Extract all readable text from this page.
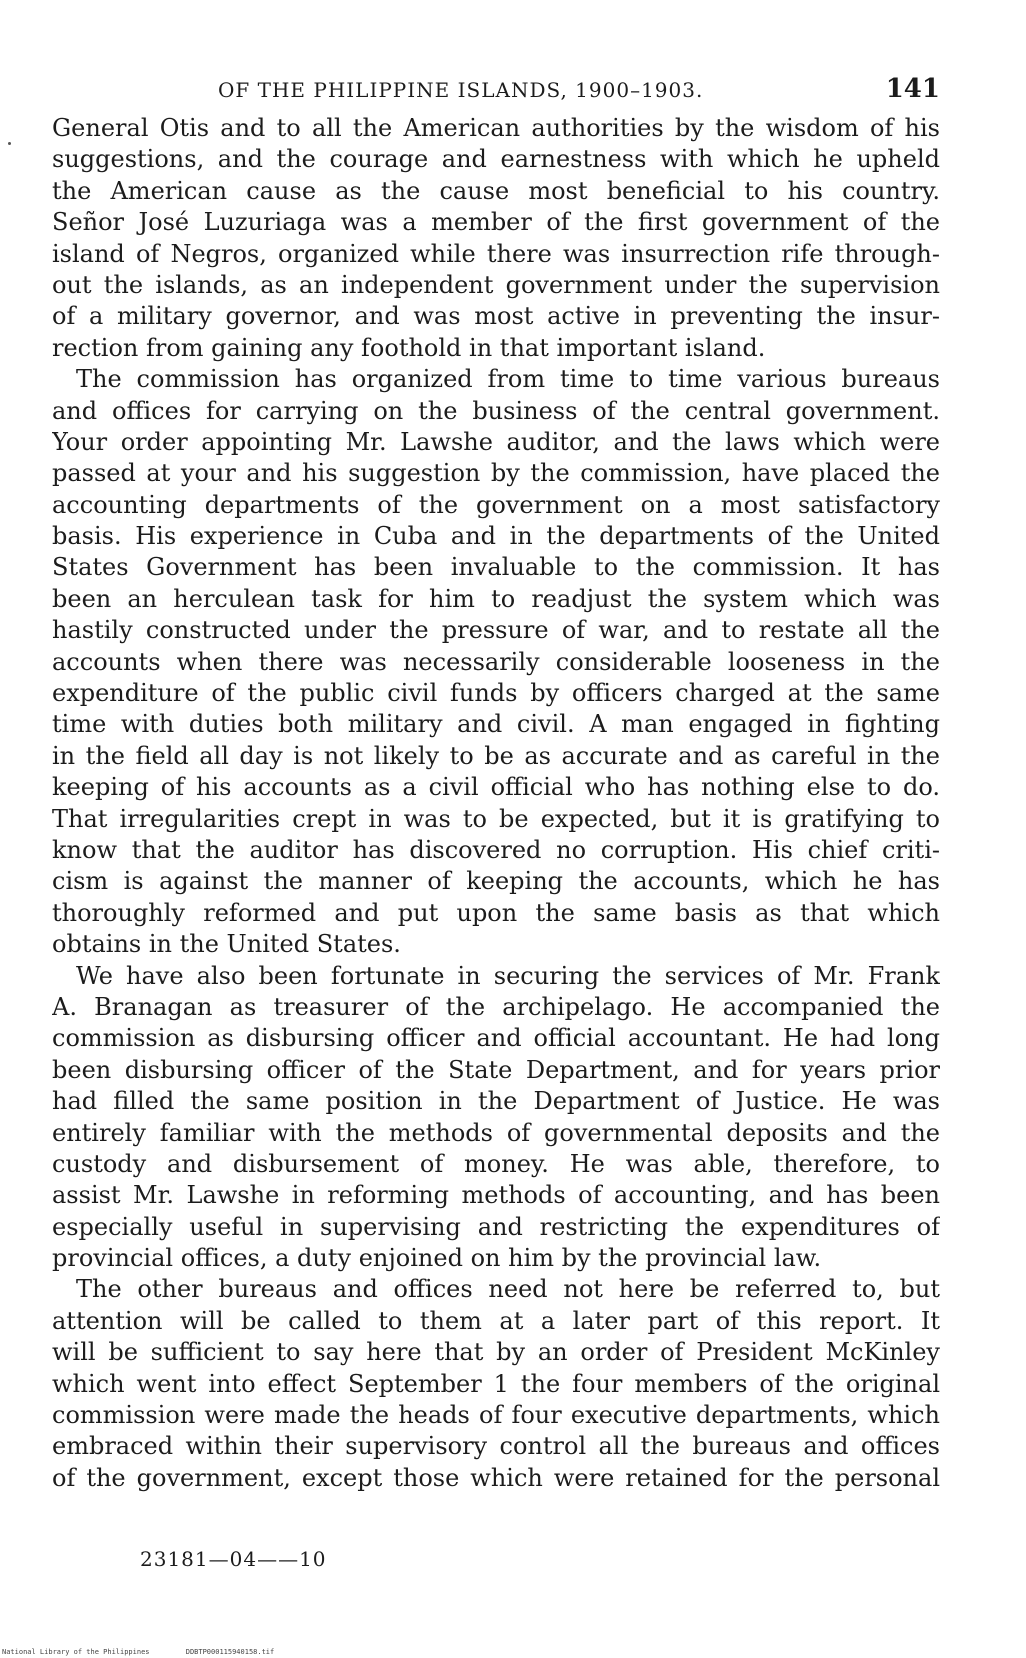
OF THE PHILIPPINE ISLANDS, 1900–1903.	141
General Otis and to all the American authorities by the wisdom of his
suggestions, and the courage and earnestness with which he upheld
the American cause as the cause most beneficial to his country.
Señor José Luzuriaga was a member of the first government of the
island of Negros, organized while there was insurrection rife through-
out the islands, as an independent government under the supervision
of a military governor, and was most active in preventing the insur-
rection from gaining any foothold in that important island.
The commission has organized from time to time various bureaus
and offices for carrying on the business of the central government.
Your order appointing Mr. Lawshe auditor, and the laws which were
passed at your and his suggestion by the commission, have placed the
accounting departments of the government on a most satisfactory
basis. His experience in Cuba and in the departments of the United
States Government has been invaluable to the commission. It has
been an herculean task for him to readjust the system which was
hastily constructed under the pressure of war, and to restate all the
accounts when there was necessarily considerable looseness in the
expenditure of the public civil funds by officers charged at the same
time with duties both military and civil. A man engaged in fighting
in the field all day is not likely to be as accurate and as careful in the
keeping of his accounts as a civil official who has nothing else to do.
That irregularities crept in was to be expected, but it is gratifying to
know that the auditor has discovered no corruption. His chief criti-
cism is against the manner of keeping the accounts, which he has
thoroughly reformed and put upon the same basis as that which
obtains in the United States.
We have also been fortunate in securing the services of Mr. Frank
A. Branagan as treasurer of the archipelago. He accompanied the
commission as disbursing officer and official accountant. He had long
been disbursing officer of the State Department, and for years prior
had filled the same position in the Department of Justice. He was
entirely familiar with the methods of governmental deposits and the
custody and disbursement of money. He was able, therefore, to
assist Mr. Lawshe in reforming methods of accounting, and has been
especially useful in supervising and restricting the expenditures of
provincial offices, a duty enjoined on him by the provincial law.
The other bureaus and offices need not here be referred to, but
attention will be called to them at a later part of this report. It
will be sufficient to say here that by an order of President McKinley
which went into effect September 1 the four members of the original
commission were made the heads of four executive departments, which
embraced within their supervisory control all the bureaus and offices
of the government, except those which were retained for the personal
23181—04——10
National Library of the Philippines	DDBTP000115940158.tif
